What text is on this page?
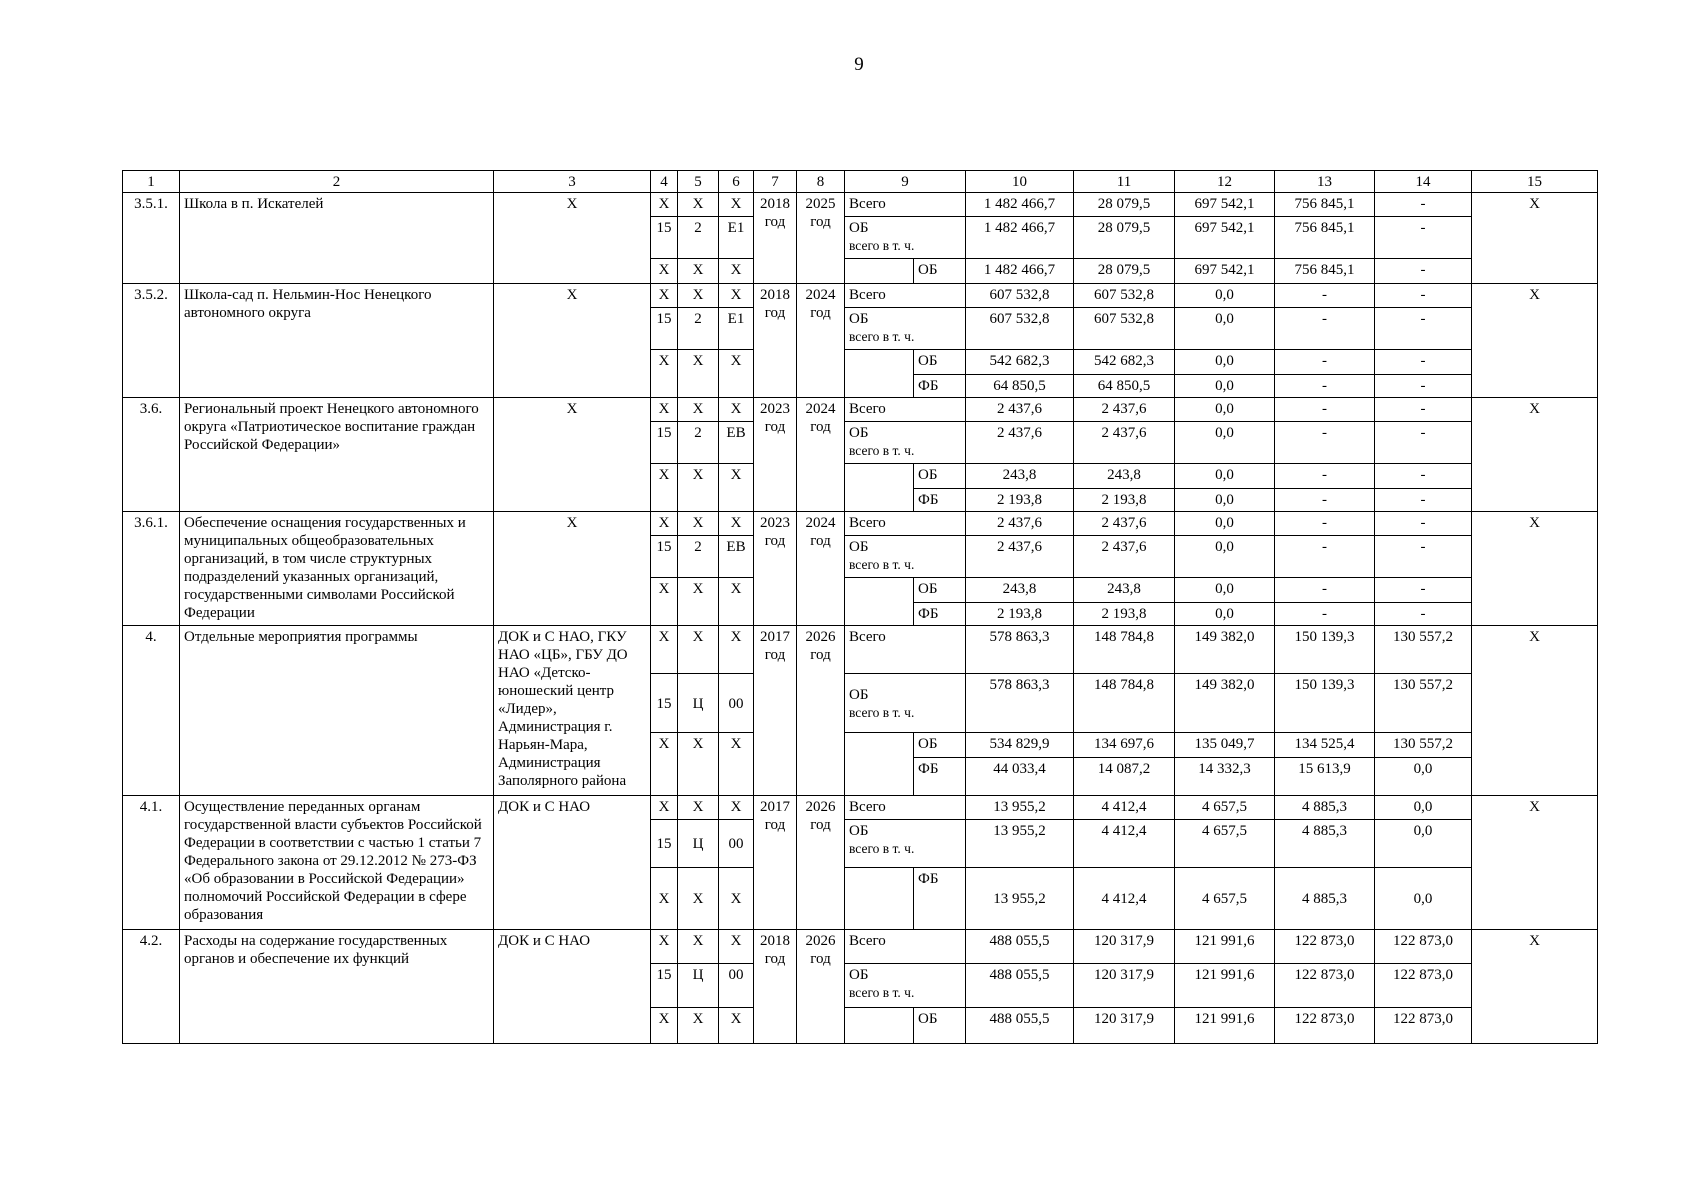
9
1	2	3	4	5	6	7	8	9		10	11	12	13	14	15
3.5.1.	Школа в п. Искателей	X	X	X	X	2018
год	2025
год	Всего		1 482 466,7	28 079,5	697 542,1	756 845,1	-	X
			15	2	E1			ОБ
всего в т. ч.		1 482 466,7	28 079,5	697 542,1	756 845,1	-	
			X	X	X				ОБ	1 482 466,7	28 079,5	697 542,1	756 845,1	-	
3.5.2.	Школа-сад п. Нельмин-Нос Ненецкого автономного округа	X	X	X	X	2018
год	2024
год	Всего		607 532,8	607 532,8	0,0	-	-	X
			15	2	E1			ОБ
всего в т. ч.		607 532,8	607 532,8	0,0	-	-	
			X	X	X				ОБ	542 682,3	542 682,3	0,0	-	-	
									ФБ	64 850,5	64 850,5	0,0	-	-	
3.6.	Региональный проект Ненецкого автономного округа «Патриотическое воспитание граждан Российской Федерации»	X	X	X	X	2023
год	2024
год	Всего		2 437,6	2 437,6	0,0	-	-	X
			15	2	EB			ОБ
всего в т. ч.		2 437,6	2 437,6	0,0	-	-	
			X	X	X				ОБ	243,8	243,8	0,0	-	-	
									ФБ	2 193,8	2 193,8	0,0	-	-	
3.6.1.	Обеспечение оснащения государственных и муниципальных общеобразовательных организаций, в том числе структурных подразделений указанных организаций, государственными символами Российской Федерации	X	X	X	X	2023
год	2024
год	Всего		2 437,6	2 437,6	0,0	-	-	X
			15	2	EB			ОБ
всего в т. ч.		2 437,6	2 437,6	0,0	-	-	
			X	X	X				ОБ	243,8	243,8	0,0	-	-	
									ФБ	2 193,8	2 193,8	0,0	-	-	
4.	Отдельные мероприятия программы	ДОК и С НАО, ГКУ НАО «ЦБ», ГБУ ДО НАО «Детско-юношеский центр «Лидер», Администрация г. Нарьян-Мара, Администрация Заполярного района	X	X	X	2017
год	2026
год	Всего		578 863,3	148 784,8	149 382,0	150 139,3	130 557,2	X
			15	Ц	00			ОБ
всего в т. ч.		578 863,3	148 784,8	149 382,0	150 139,3	130 557,2	
			X	X	X				ОБ	534 829,9	134 697,6	135 049,7	134 525,4	130 557,2	
									ФБ	44 033,4	14 087,2	14 332,3	15 613,9	0,0	
4.1.	Осуществление переданных органам государственной власти субъектов Российской Федерации в соответствии с частью 1 статьи 7 Федерального закона от 29.12.2012 № 273-ФЗ «Об образовании в Российской Федерации» полномочий Российской Федерации в сфере образования	ДОК и С НАО	X	X	X	2017
год	2026
год	Всего		13 955,2	4 412,4	4 657,5	4 885,3	0,0	X
			15	Ц	00			ОБ
всего в т. ч.		13 955,2	4 412,4	4 657,5	4 885,3	0,0	
			X	X	X				ФБ	13 955,2	4 412,4	4 657,5	4 885,3	0,0	
4.2.	Расходы на содержание государственных органов и обеспечение их функций	ДОК и С НАО	X	X	X	2018
год	2026
год	Всего		488 055,5	120 317,9	121 991,6	122 873,0	122 873,0	X
			15	Ц	00			ОБ
всего в т. ч.		488 055,5	120 317,9	121 991,6	122 873,0	122 873,0	
			X	X	X				ОБ	488 055,5	120 317,9	121 991,6	122 873,0	122 873,0	
